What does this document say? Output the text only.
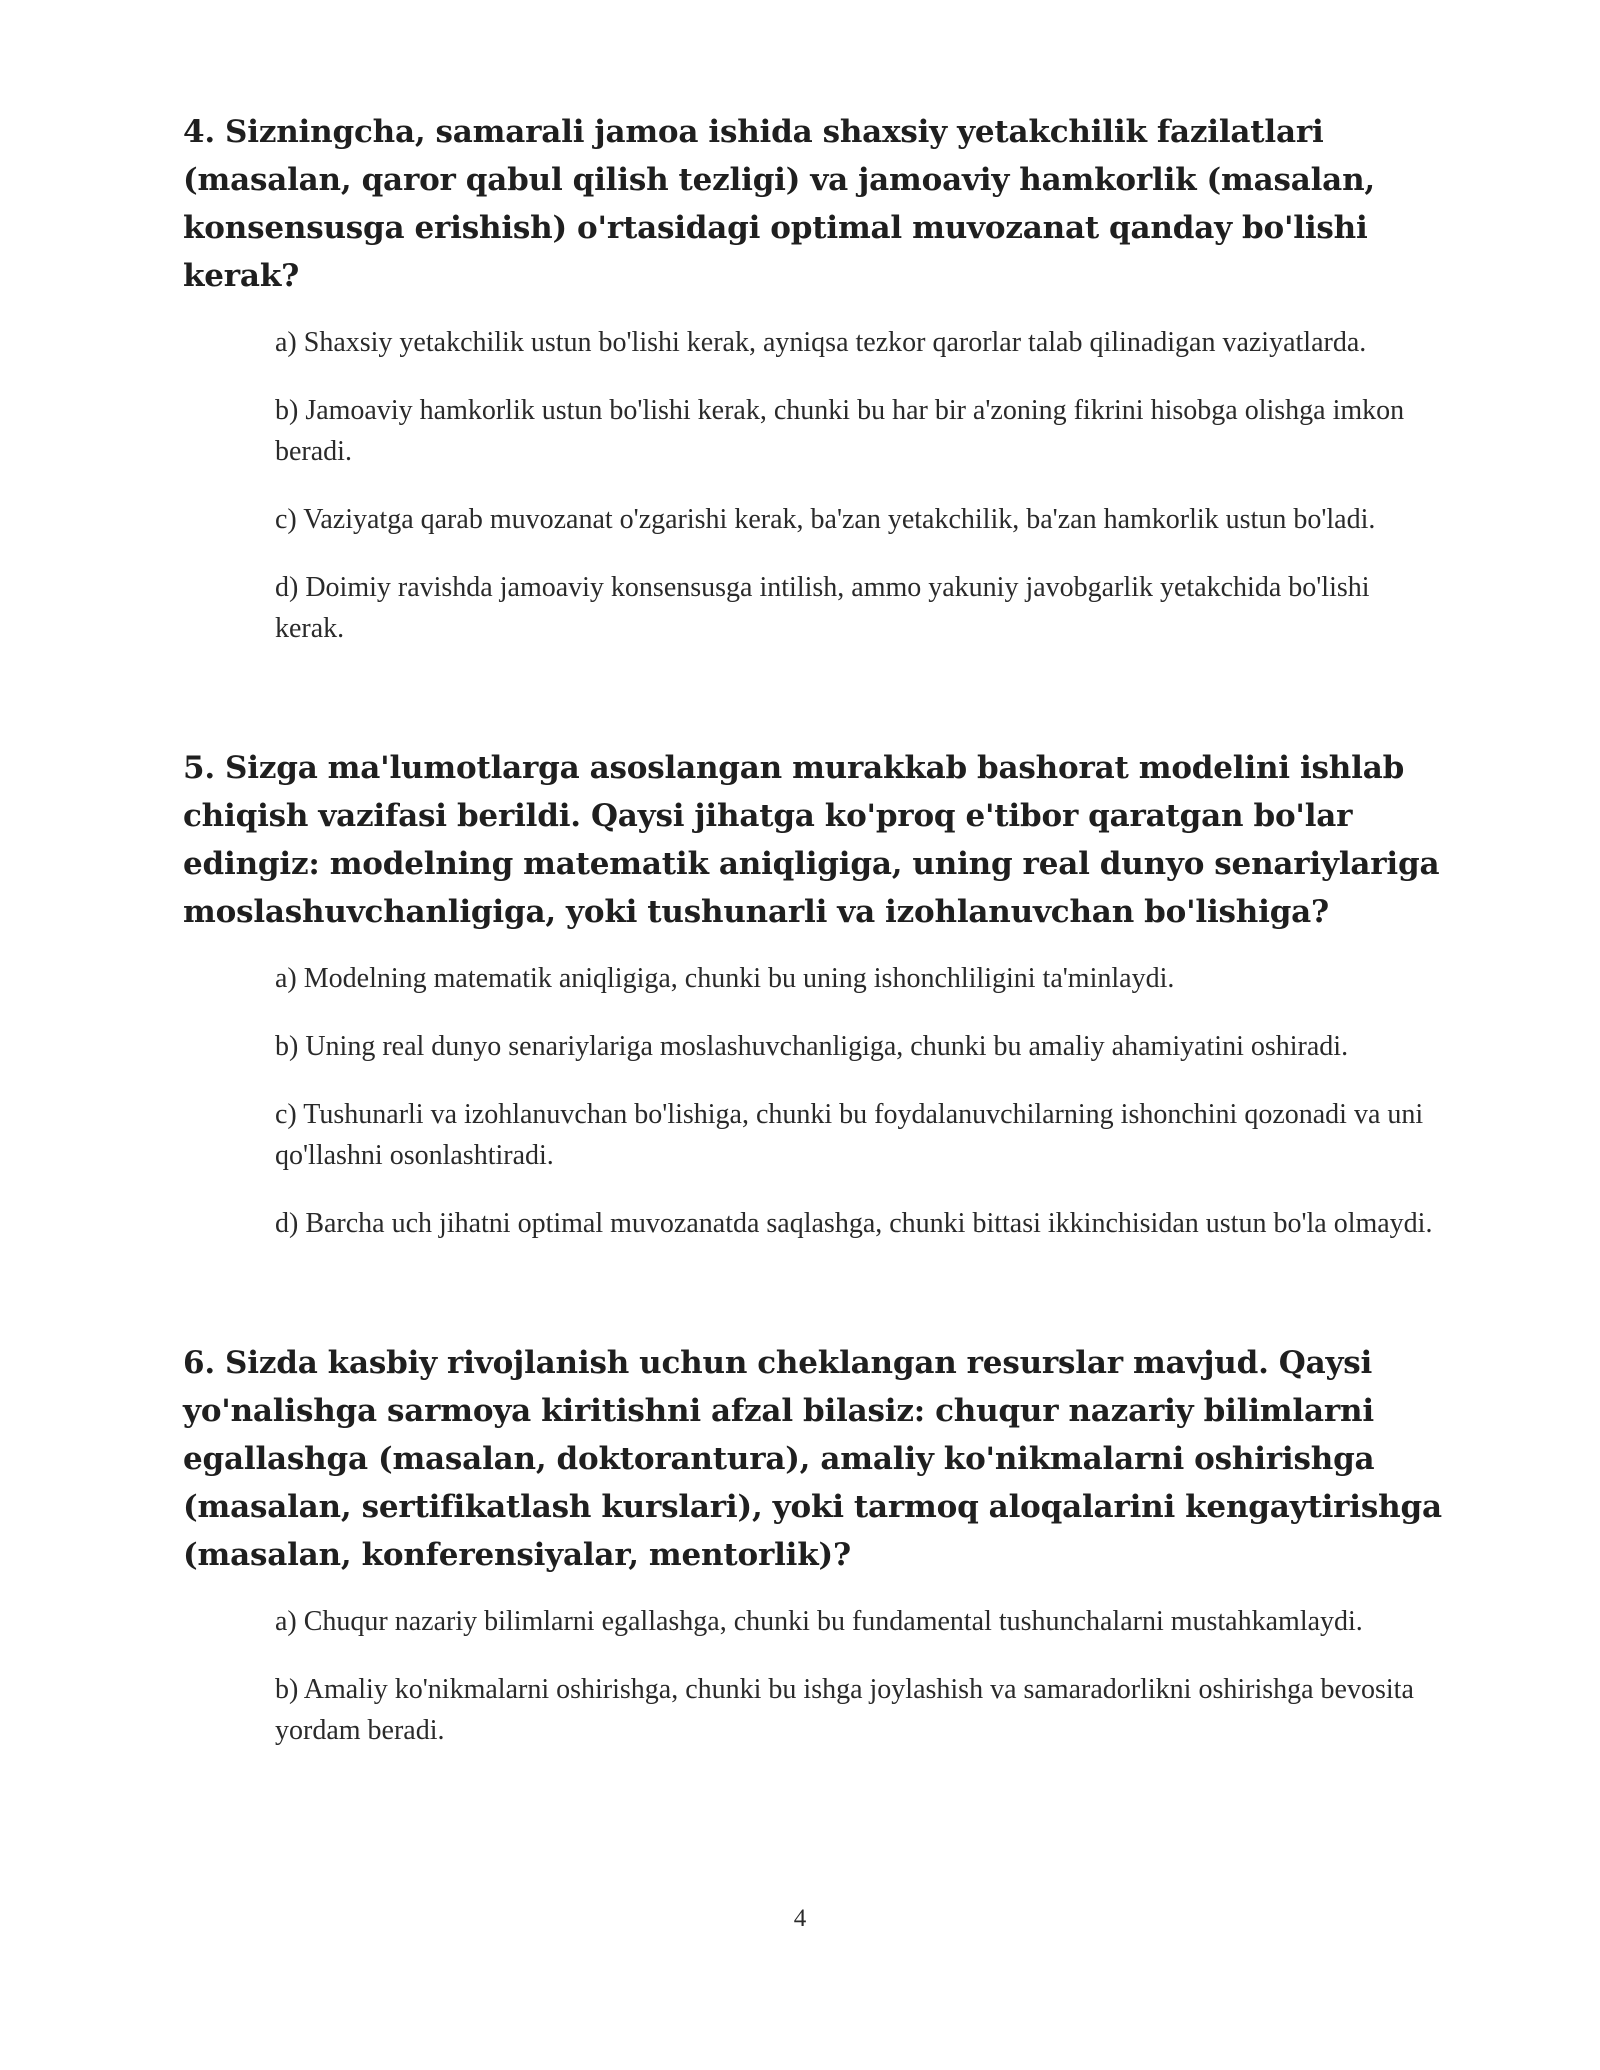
4. Sizningcha, samarali jamoa ishida shaxsiy yetakchilik fazilatlari (masalan, qaror qabul qilish tezligi) va jamoaviy hamkorlik (masalan, konsensusga erishish) o'rtasidagi optimal muvozanat qanday bo'lishi kerak?

a) Shaxsiy yetakchilik ustun bo'lishi kerak, ayniqsa tezkor qarorlar talab qilinadigan vaziyatlarda.

b) Jamoaviy hamkorlik ustun bo'lishi kerak, chunki bu har bir a'zoning fikrini hisobga olishga imkon beradi.

c) Vaziyatga qarab muvozanat o'zgarishi kerak, ba'zan yetakchilik, ba'zan hamkorlik ustun bo'ladi.

d) Doimiy ravishda jamoaviy konsensusga intilish, ammo yakuniy javobgarlik yetakchida bo'lishi kerak.

5. Sizga ma'lumotlarga asoslangan murakkab bashorat modelini ishlab chiqish vazifasi berildi. Qaysi jihatga ko'proq e'tibor qaratgan bo'lar edingiz: modelning matematik aniqligiga, uning real dunyo senariylariga moslashuvchanligiga, yoki tushunarli va izohlanuvchan bo'lishiga?

a) Modelning matematik aniqligiga, chunki bu uning ishonchliligini ta'minlaydi.

b) Uning real dunyo senariylariga moslashuvchanligiga, chunki bu amaliy ahamiyatini oshiradi.

c) Tushunarli va izohlanuvchan bo'lishiga, chunki bu foydalanuvchilarning ishonchini qozonadi va uni qo'llashni osonlashtiradi.

d) Barcha uch jihatni optimal muvozanatda saqlashga, chunki bittasi ikkinchisidan ustun bo'la olmaydi.

6. Sizda kasbiy rivojlanish uchun cheklangan resurslar mavjud. Qaysi yo'nalishga sarmoya kiritishni afzal bilasiz: chuqur nazariy bilimlarni egallashga (masalan, doktorantura), amaliy ko'nikmalarni oshirishga (masalan, sertifikatlash kurslari), yoki tarmoq aloqalarini kengaytirishga (masalan, konferensiyalar, mentorlik)?

a) Chuqur nazariy bilimlarni egallashga, chunki bu fundamental tushunchalarni mustahkamlaydi.

b) Amaliy ko'nikmalarni oshirishga, chunki bu ishga joylashish va samaradorlikni oshirishga bevosita yordam beradi.

4
